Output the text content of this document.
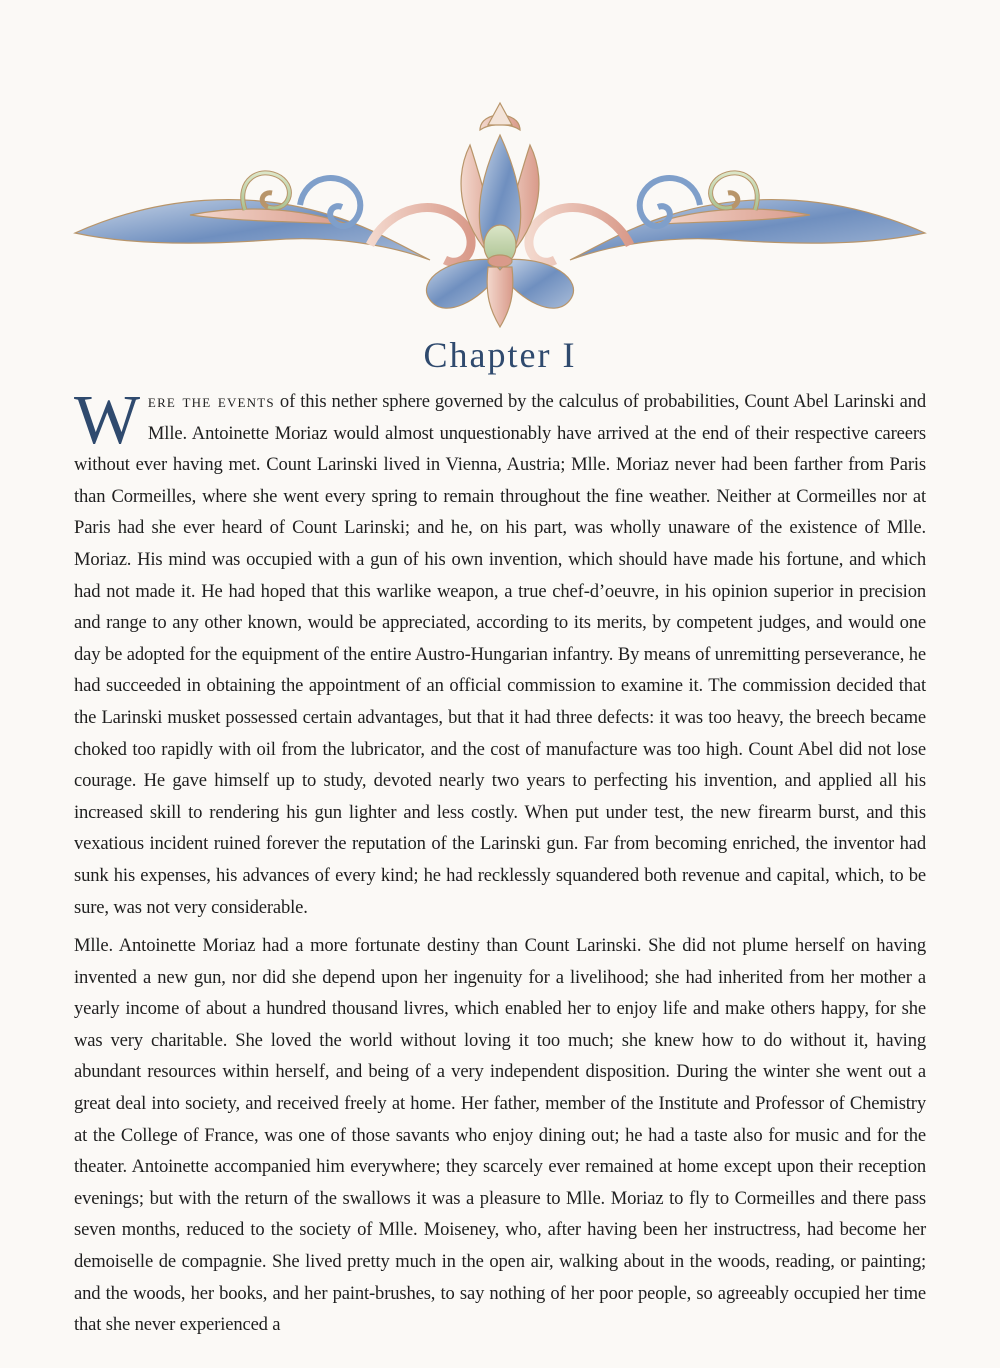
Chapter I

Were the events of this nether sphere governed by the calculus of probabilities, Count Abel Larinski and Mlle. Antoinette Moriaz would almost unquestionably have arrived at the end of their respective careers without ever having met. Count Larinski lived in Vienna, Austria; Mlle. Moriaz never had been farther from Paris than Cormeilles, where she went every spring to remain throughout the fine weather. Neither at Cormeilles nor at Paris had she ever heard of Count Larinski; and he, on his part, was wholly unaware of the existence of Mlle. Moriaz. His mind was occupied with a gun of his own invention, which should have made his fortune, and which had not made it. He had hoped that this warlike weapon, a true chef-d’oeuvre, in his opinion superior in precision and range to any other known, would be appreciated, according to its merits, by competent judges, and would one day be adopted for the equipment of the entire Austro-Hungarian infantry. By means of unremitting perseverance, he had succeeded in obtaining the appointment of an official commission to examine it. The commission decided that the Larinski musket possessed certain advantages, but that it had three defects: it was too heavy, the breech became choked too rapidly with oil from the lubricator, and the cost of manufacture was too high. Count Abel did not lose courage. He gave himself up to study, devoted nearly two years to perfecting his invention, and applied all his increased skill to rendering his gun lighter and less costly. When put under test, the new firearm burst, and this vexatious incident ruined forever the reputation of the Larinski gun. Far from becoming enriched, the inventor had sunk his expenses, his advances of every kind; he had recklessly squandered both revenue and capital, which, to be sure, was not very considerable.

Mlle. Antoinette Moriaz had a more fortunate destiny than Count Larinski. She did not plume herself on having invented a new gun, nor did she depend upon her ingenuity for a livelihood; she had inherited from her mother a yearly income of about a hundred thousand livres, which enabled her to enjoy life and make others happy, for she was very charitable. She loved the world without loving it too much; she knew how to do without it, having abundant resources within herself, and being of a very independent disposition. During the winter she went out a great deal into society, and received freely at home. Her father, member of the Institute and Professor of Chemistry at the College of France, was one of those savants who enjoy dining out; he had a taste also for music and for the theater. Antoinette accompanied him everywhere; they scarcely ever remained at home except upon their reception evenings; but with the return of the swallows it was a pleasure to Mlle. Moriaz to fly to Cormeilles and there pass seven months, reduced to the society of Mlle. Moiseney, who, after having been her instructress, had become her demoiselle de compagnie. She lived pretty much in the open air, walking about in the woods, reading, or painting; and the woods, her books, and her paint-brushes, to say nothing of her poor people, so agreeably occupied her time that she never experienced a
